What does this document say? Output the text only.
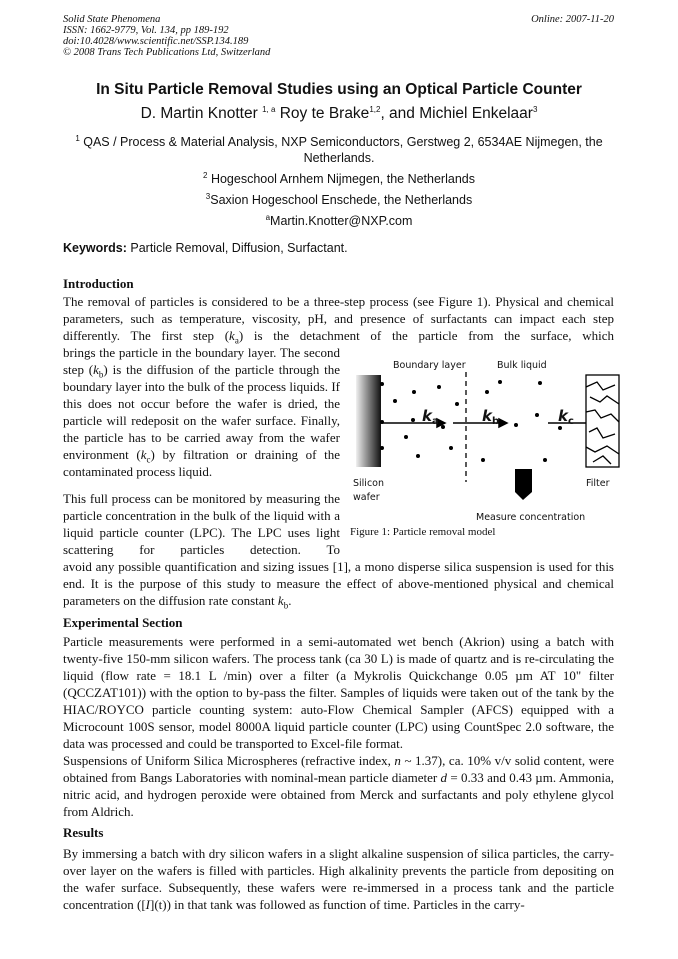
Solid State Phenomena
ISSN: 1662-9779, Vol. 134, pp 189-192
doi:10.4028/www.scientific.net/SSP.134.189
© 2008 Trans Tech Publications Ltd, Switzerland
Online: 2007-11-20
In Situ Particle Removal Studies using an Optical Particle Counter
D. Martin Knotter $^{1, a}$ Roy te Brake$^{1,2}$, and Michiel Enkelaar$^3$
$^1$ QAS / Process & Material Analysis, NXP Semiconductors, Gerstweg 2, 6534AE Nijmegen, the Netherlands.
$^2$ Hogeschool Arnhem Nijmegen, the Netherlands
$^3$Saxion Hogeschool Enschede, the Netherlands
$^a$Martin.Knotter@NXP.com
Keywords: Particle Removal, Diffusion, Surfactant.
Introduction
The removal of particles is considered to be a three-step process (see Figure 1). Physical and chemical parameters, such as temperature, viscosity, pH, and presence of surfactants can impact each step differently. The first step $(k_a)$ is the detachment of the particle from the surface, which
brings the particle in the boundary layer. The second step $(k_b)$ is the diffusion of the particle through the boundary layer into the bulk of the process liquids. If this does not occur before the wafer is dried, the particle will redeposit on the wafer surface. Finally, the particle has to be carried away from the wafer environment $(k_c)$ by filtration or draining of the contaminated process liquid.
This full process can be monitored by measuring the particle concentration in the bulk of the liquid with a liquid particle counter (LPC). The LPC uses light scattering for particles detection. To
avoid any possible quantification and sizing issues [1], a mono disperse silica suspension is used for this end. It is the purpose of this study to measure the effect of above-mentioned physical and chemical parameters on the diffusion rate constant $k_b$.
Boundary layer	Bulk liquid
Silicon
wafer
Filter
Measure concentration
k a	k b	k c
Figure 1: Particle removal model
Experimental Section
Particle measurements were performed in a semi-automated wet bench (Akrion) using a batch with twenty-five 150-mm silicon wafers. The process tank (ca 30 L) is made of quartz and is re-circulating the liquid (flow rate = 18.1 L /min) over a filter (a Mykrolis Quickchange 0.05 µm AT 10" filter (QCCZAT101)) with the option to by-pass the filter. Samples of liquids were taken out of the tank by the HIAC/ROYCO particle counting system: auto-Flow Chemical Sampler (AFCS) equipped with a Microcount 100S sensor, model 8000A liquid particle counter (LPC) using CountSpec 2.0 software, the data was processed and could be transported to Excel-file format.
Suspensions of Uniform Silica Microspheres (refractive index, n ~ 1.37), ca. 10% v/v solid content, were obtained from Bangs Laboratories with nominal-mean particle diameter d = 0.33 and 0.43 µm. Ammonia, nitric acid, and hydrogen peroxide were obtained from Merck and surfactants and poly ethylene glycol from Aldrich.
Results
By immersing a batch with dry silicon wafers in a slight alkaline suspension of silica particles, the carry-over layer on the wafers is filled with particles. High alkalinity prevents the particle from depositing on the wafer surface. Subsequently, these wafers were re-immersed in a process tank and the particle concentration ([I](t)) in that tank was followed as function of time. Particles in the carry-
